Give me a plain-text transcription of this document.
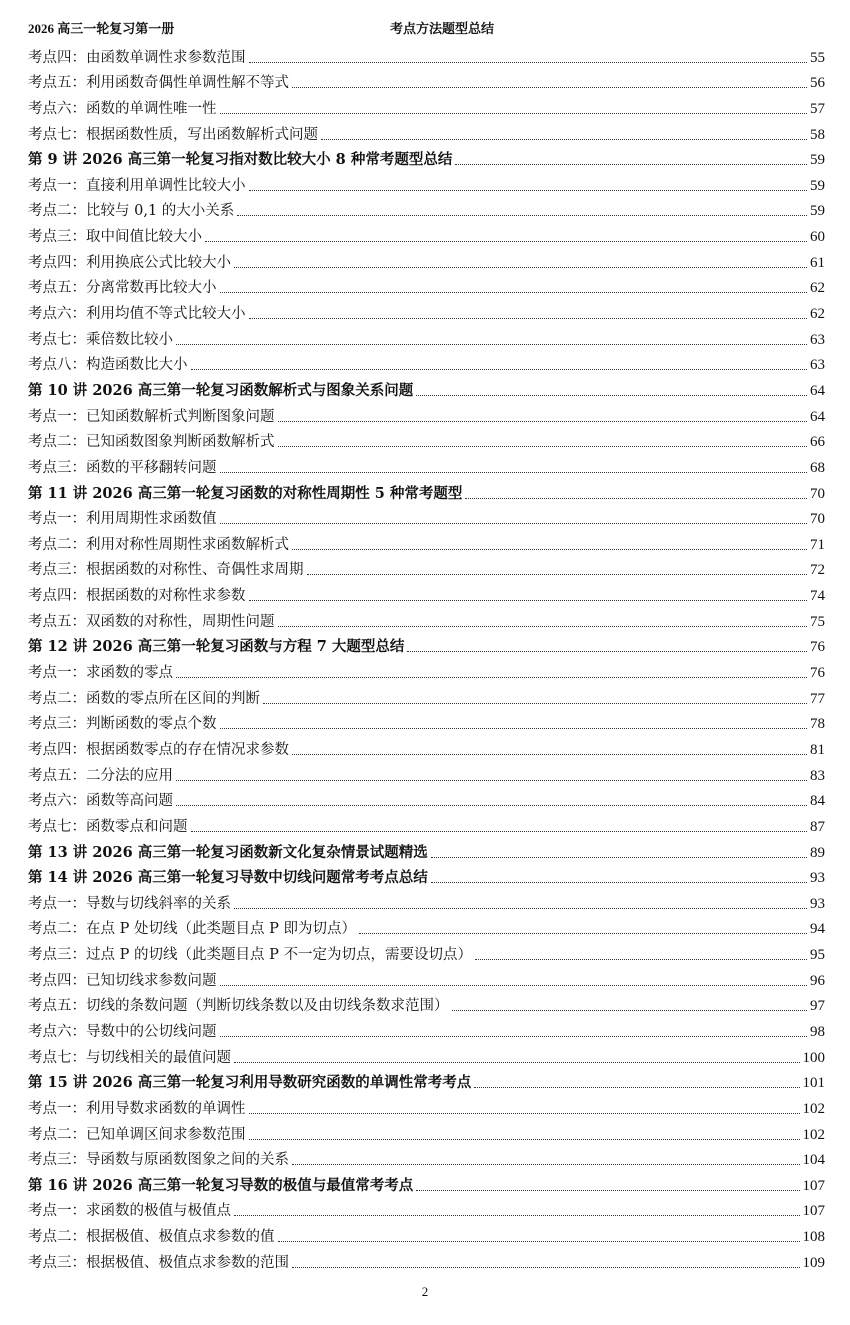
2026 高三一轮复习第一册	考点方法题型总结
考点四：由函数单调性求参数范围	55
考点五：利用函数奇偶性单调性解不等式	56
考点六：函数的单调性唯一性	57
考点七：根据函数性质，写出函数解析式问题	58
第 9 讲 2026 高三第一轮复习指对数比较大小 8 种常考题型总结	59
考点一：直接利用单调性比较大小	59
考点二：比较与 0,1 的大小关系	59
考点三：取中间值比较大小	60
考点四：利用换底公式比较大小	61
考点五：分离常数再比较大小	62
考点六：利用均值不等式比较大小	62
考点七：乘倍数比较小	63
考点八：构造函数比大小	63
第 10 讲 2026 高三第一轮复习函数解析式与图象关系问题	64
考点一：已知函数解析式判断图象问题	64
考点二：已知函数图象判断函数解析式	66
考点三：函数的平移翻转问题	68
第 11 讲 2026 高三第一轮复习函数的对称性周期性 5 种常考题型	70
考点一：利用周期性求函数值	70
考点二：利用对称性周期性求函数解析式	71
考点三：根据函数的对称性、奇偶性求周期	72
考点四：根据函数的对称性求参数	74
考点五：双函数的对称性，周期性问题	75
第 12 讲 2026 高三第一轮复习函数与方程 7 大题型总结	76
考点一：求函数的零点	76
考点二：函数的零点所在区间的判断	77
考点三：判断函数的零点个数	78
考点四：根据函数零点的存在情况求参数	81
考点五：二分法的应用	83
考点六：函数等高问题	84
考点七：函数零点和问题	87
第 13 讲 2026 高三第一轮复习函数新文化复杂情景试题精选	89
第 14 讲 2026 高三第一轮复习导数中切线问题常考考点总结	93
考点一：导数与切线斜率的关系	93
考点二：在点 P 处切线（此类题目点 P 即为切点）	94
考点三：过点 P 的切线（此类题目点 P 不一定为切点，需要设切点）	95
考点四：已知切线求参数问题	96
考点五：切线的条数问题（判断切线条数以及由切线条数求范围）	97
考点六：导数中的公切线问题	98
考点七：与切线相关的最值问题	100
第 15 讲 2026 高三第一轮复习利用导数研究函数的单调性常考考点	101
考点一：利用导数求函数的单调性	102
考点二：已知单调区间求参数范围	102
考点三：导函数与原函数图象之间的关系	104
第 16 讲 2026 高三第一轮复习导数的极值与最值常考考点	107
考点一：求函数的极值与极值点	107
考点二：根据极值、极值点求参数的值	108
考点三：根据极值、极值点求参数的范围	109
2
